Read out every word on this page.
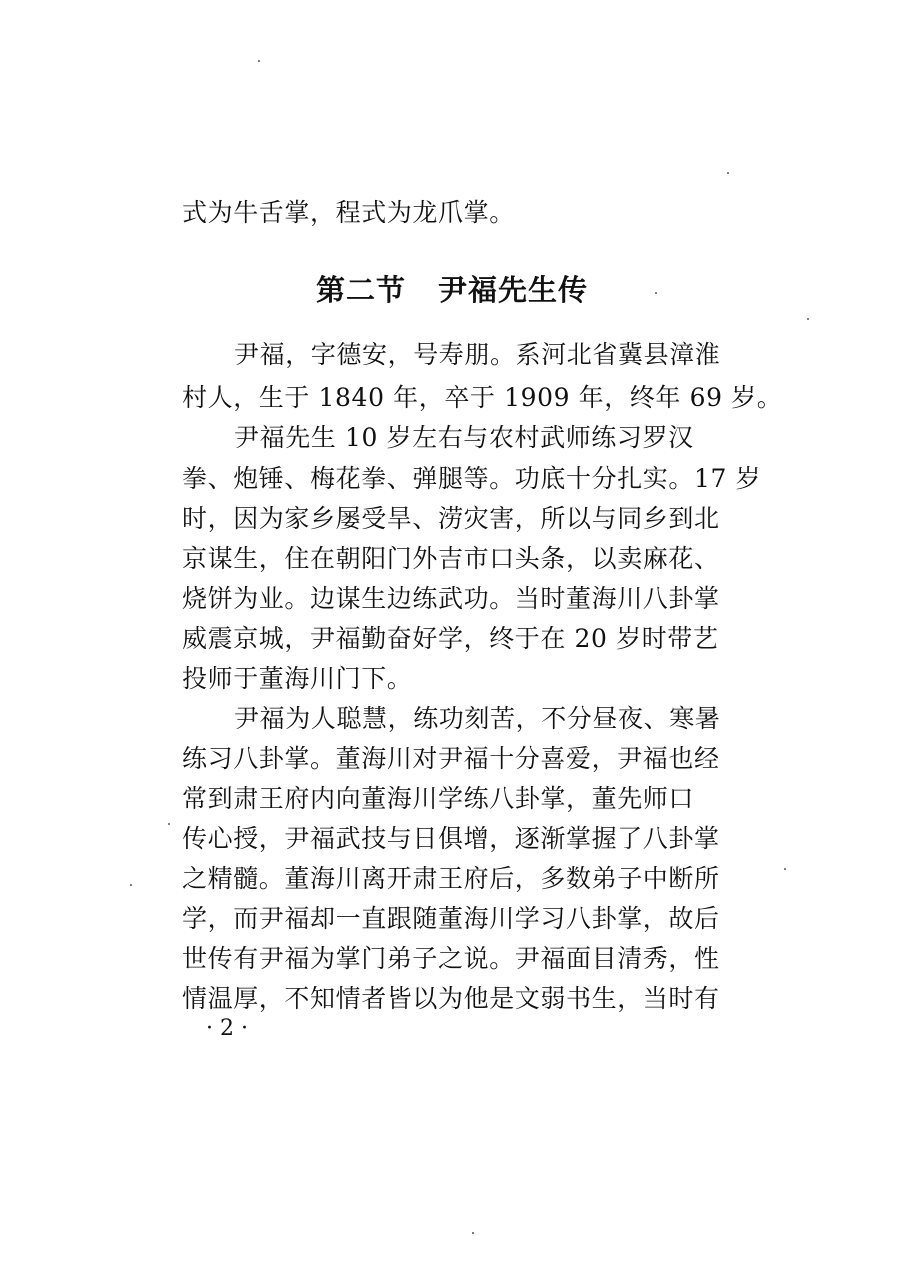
式为牛舌掌，程式为龙爪掌。
第二节 尹福先生传
尹福，字德安，号寿朋。系河北省冀县漳淮
村人，生于 1840 年，卒于 1909 年，终年 69 岁。
尹福先生 10 岁左右与农村武师练习罗汉
拳、炮锤、梅花拳、弹腿等。功底十分扎实。17 岁
时，因为家乡屡受旱、涝灾害，所以与同乡到北
京谋生，住在朝阳门外吉市口头条，以卖麻花、
烧饼为业。边谋生边练武功。当时董海川八卦掌
威震京城，尹福勤奋好学，终于在 20 岁时带艺
投师于董海川门下。
尹福为人聪慧，练功刻苦，不分昼夜、寒暑
练习八卦掌。董海川对尹福十分喜爱，尹福也经
常到肃王府内向董海川学练八卦掌，董先师口
传心授，尹福武技与日俱增，逐渐掌握了八卦掌
之精髓。董海川离开肃王府后，多数弟子中断所
学，而尹福却一直跟随董海川学习八卦掌，故后
世传有尹福为掌门弟子之说。尹福面目清秀，性
情温厚，不知情者皆以为他是文弱书生，当时有
· 2 ·
